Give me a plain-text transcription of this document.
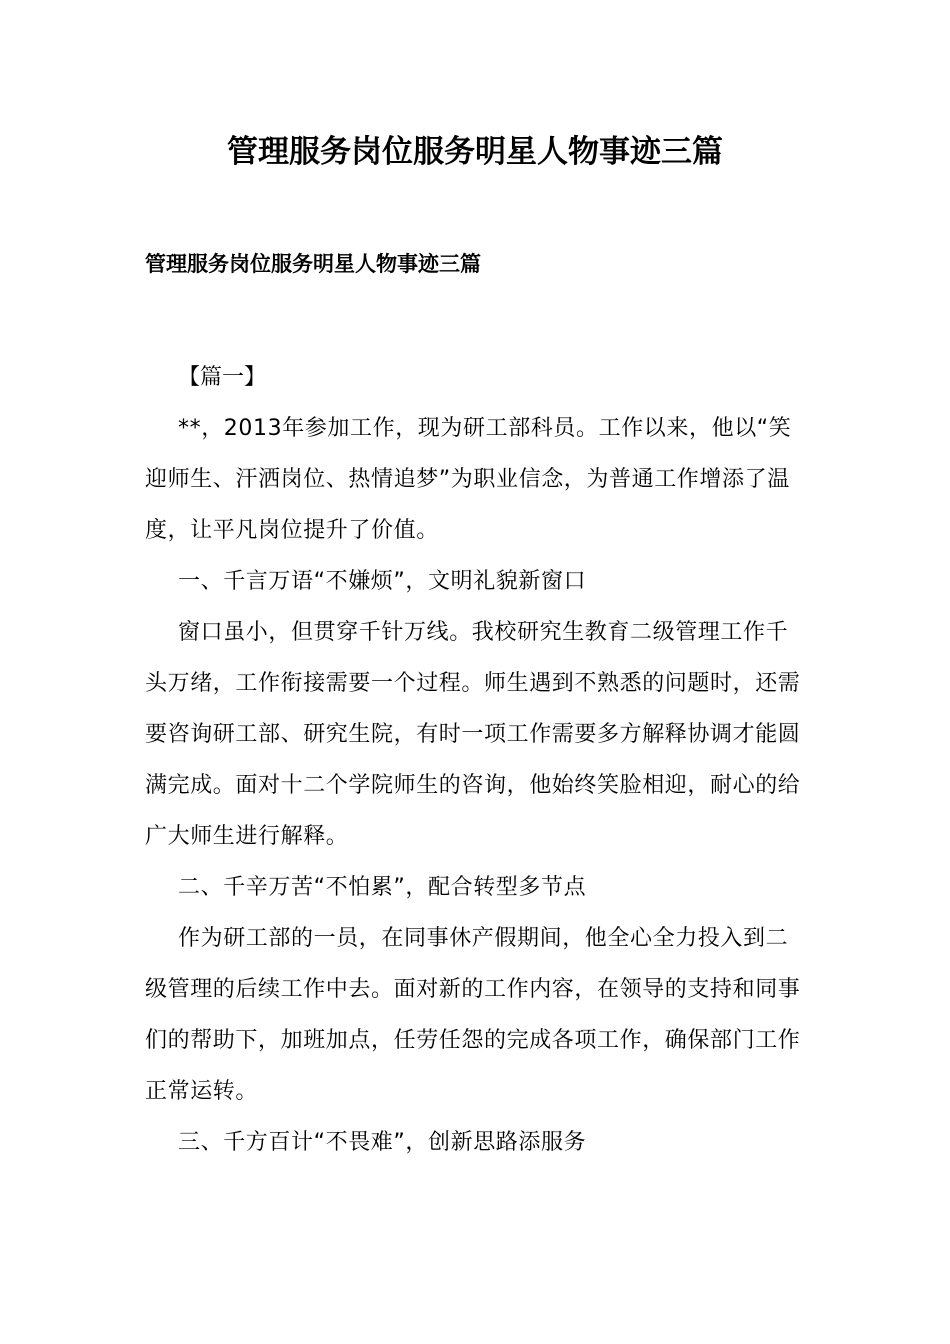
管理服务岗位服务明星人物事迹三篇
管理服务岗位服务明星人物事迹三篇

【篇一】

**，2013年参加工作，现为研工部科员。工作以来，他以“笑迎师生、汗洒岗位、热情追梦”为职业信念，为普通工作增添了温度，让平凡岗位提升了价值。

一、千言万语“不嫌烦”，文明礼貌新窗口

窗口虽小，但贯穿千针万线。我校研究生教育二级管理工作千头万绪，工作衔接需要一个过程。师生遇到不熟悉的问题时，还需要咨询研工部、研究生院，有时一项工作需要多方解释协调才能圆满完成。面对十二个学院师生的咨询，他始终笑脸相迎，耐心的给广大师生进行解释。

二、千辛万苦“不怕累”，配合转型多节点

作为研工部的一员，在同事休产假期间，他全心全力投入到二级管理的后续工作中去。面对新的工作内容，在领导的支持和同事们的帮助下，加班加点，任劳任怨的完成各项工作，确保部门工作正常运转。

三、千方百计“不畏难”，创新思路添服务
